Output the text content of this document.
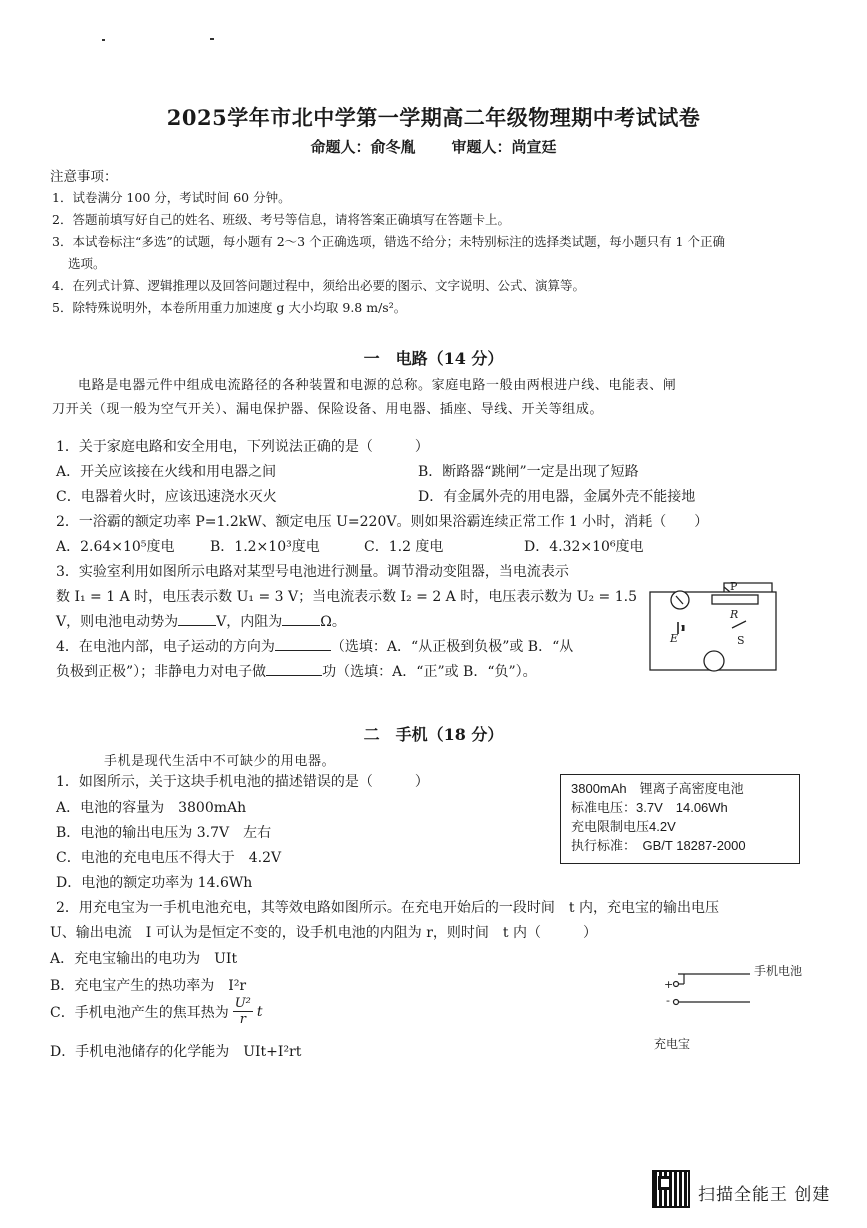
2025学年市北中学第一学期高二年级物理期中考试试卷
命题人：俞冬胤 审题人：尚宣廷
注意事项：
1．试卷满分 100 分，考试时间 60 分钟。
2．答题前填写好自己的姓名、班级、考号等信息，请将答案正确填写在答题卡上。
3．本试卷标注“多选”的试题，每小题有 2～3 个正确选项，错选不给分；未特别标注的选择类试题，每小题只有 1 个正确
选项。
4．在列式计算、逻辑推理以及回答问题过程中，须给出必要的图示、文字说明、公式、演算等。
5．除特殊说明外，本卷所用重力加速度 g 大小均取 9.8 m/s²。
一　电路（14 分）
电路是电器元件中组成电流路径的各种装置和电源的总称。家庭电路一般由两根进户线、电能表、闸
刀开关（现一般为空气开关）、漏电保护器、保险设备、用电器、插座、导线、开关等组成。
1．关于家庭电路和安全用电，下列说法正确的是（　　　）
A．开关应该接在火线和用电器之间	B．断路器“跳闸”一定是出现了短路
C．电器着火时，应该迅速浇水灭火	D．有金属外壳的用电器，金属外壳不能接地
2．一浴霸的额定功率 P=1.2kW、额定电压 U=220V。则如果浴霸连续正常工作 1 小时，消耗（　　）
A．2.64×10⁵度电	B．1.2×10³度电	C．1.2 度电	D．4.32×10⁶度电
3．实验室利用如图所示电路对某型号电池进行测量。调节滑动变阻器，当电流表示
数 I₁ = 1 A 时，电压表示数 U₁ = 3 V；当电流表示数 I₂ = 2 A 时，电压表示数为 U₂ = 1.5
V，则电池电动势为	V，内阻为	Ω。
4．在电池内部，电子运动的方向为	（选填：A．“从正极到负极”或 B．“从
负极到正极”）；非静电力对电子做	功（选填：A．“正”或 B．“负”）。
P
R
E	S
二　手机（18 分）
手机是现代生活中不可缺少的用电器。
1．如图所示，关于这块手机电池的描述错误的是（　　　）
A．电池的容量为　3800mAh
B．电池的输出电压为 3.7V　左右
C．电池的充电电压不得大于　4.2V
D．电池的额定功率为 14.6Wh
3800mAh　锂离子高密度电池
标准电压：3.7V　14.06Wh
充电限制电压4.2V
执行标准：　GB/T 18287-2000
2．用充电宝为一手机电池充电，其等效电路如图所示。在充电开始后的一段时间　t 内，充电宝的输出电压
U、输出电流　I 可认为是恒定不变的，设手机电池的内阻为 r，则时间　t 内（　　　）
A．充电宝输出的电功为　UIt
B．充电宝产生的热功率为　I²r
C．手机电池产生的焦耳热为 $\frac{\text{U²}}{r}$ t
D．手机电池储存的化学能为　UIt+I²rt
+
-
手机电池
充电宝
扫描全能王 创建
